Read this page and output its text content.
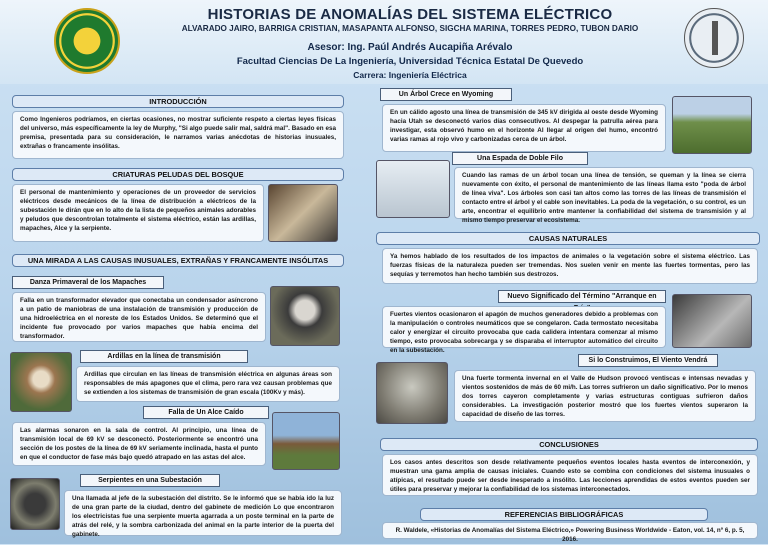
HISTORIAS DE ANOMALÍAS DEL SISTEMA ELÉCTRICO
ALVARADO JAIRO, BARRIGA CRISTIAN, MASAPANTA ALFONSO, SIGCHA MARINA, TORRES PEDRO, TUBON DARIO
Asesor: Ing. Paúl Andrés Aucapiña Arévalo
Facultad Ciencias De La Ingeniería, Universidad Técnica Estatal De Quevedo
Carrera: Ingeniería Eléctrica
INTRODUCCIÓN
Como Ingenieros podríamos, en ciertas ocasiones, no mostrar suficiente respeto a ciertas leyes físicas del universo, más específicamente la ley de Murphy, "Si algo puede salir mal, saldrá mal". Basado en esa premisa, presentada para su consideración, le narramos varias anécdotas de historias inusuales, extrañas o francamente insólitas.
CRIATURAS PELUDAS DEL BOSQUE
El personal de mantenimiento y operaciones de un proveedor de servicios eléctricos desde mecánicos de la línea de distribución a eléctricos de la subestación le dirán que en lo alto de la lista de pequeños animales adorables y peludos que descontrolan totalmente el sistema eléctrico, están las ardillas, mapaches, Alce y la serpiente.
UNA MIRADA A LAS CAUSAS INUSUALES, EXTRAÑAS Y FRANCAMENTE INSÓLITAS
Danza Primaveral de los Mapaches
Falla en un transformador elevador que conectaba un condensador asíncrono a un patio de maniobras de una instalación de transmisión y producción de una hidroeléctrica en el noreste de los Estados Unidos. Se determinó que el incidente fue provocado por varios mapaches que había encima del transformador.
Ardillas en la línea de transmisión
Ardillas que circulan en las líneas de transmisión eléctrica en algunas áreas son responsables de más apagones que el clima, pero rara vez causan problemas que se extienden a los sistemas de transmisión de gran escala (100Kv y más).
Falla de Un Alce Caído
Las alarmas sonaron en la sala de control. Al principio, una línea de transmisión local de 69 kV se desconectó. Posteriormente se encontró una sección de los postes de la línea de 69 kV seriamente inclinada, hasta el punto en que el conductor de fase más bajo quedó atrapado en las astas del alce.
Serpientes en una Subestación
Una llamada al jefe de la subestación del distrito. Se le informó que se había ido la luz de una gran parte de la ciudad, dentro del gabinete de medición Lo que encontraron los electricistas fue una serpiente muerta agarrada a un poste terminal en la parte de atrás del relé, y la sombra carbonizada del animal en la parte interior de la puerta del gabinete.
Un Árbol Crece en Wyoming
En un cálido agosto una línea de transmisión de 345 kV dirigida al oeste desde Wyoming hacia Utah se desconectó varios días consecutivos. Al despegar la patrulla aérea para investigar, esta observó humo en el horizonte Al llegar al origen del humo, encontró varias ramas al rojo vivo y carbonizadas cerca de un árbol.
Una Espada de Doble Filo
Cuando las ramas de un árbol tocan una línea de tensión, se queman y la línea se cierra nuevamente con éxito, el personal de mantenimiento de las líneas llama esto "poda de árbol de línea viva". Los árboles son casi tan altos como las torres de las líneas de transmisión el contacto entre el árbol y el cable son inevitables. La poda de la vegetación, o su control, es un arte, encontrar el equilibrio entre mantener la confiabilidad del sistema de transmisión y al mismo tiempo preservar el ecosistema.
CAUSAS NATURALES
Ya hemos hablado de los resultados de los impactos de animales o la vegetación sobre el sistema eléctrico. Las fuerzas físicas de la naturaleza pueden ser tremendas. Nos suelen venir en mente las fuertes tormentas, pero las sequías y terremotos han hecho también sus destrozos.
Nuevo Significado del Término "Arranque en
Fuertes vientos ocasionaron el apagón de muchos generadores debido a problemas con la manipulación o controles neumáticos que se congelaron. Cada termostato necesitaba calor y energizar el circuito provocaba que cada calidera intentara comenzar al mismo tiempo, esto provocaba sobrecarga y se disparaba el interruptor automático del circuito en la subestación.
Si lo Construimos, El Viento Vendrá
Una fuerte tormenta invernal en el Valle de Hudson provocó ventiscas e intensas nevadas y vientos sostenidos de más de 60 mi/h. Las torres sufrieron un daño significativo. Por lo menos dos torres cayeron completamente y varias estructuras contiguas sufrieron daños considerables. La investigación posterior mostró que los fuertes vientos superaron la capacidad de diseño de las torres.
CONCLUSIONES
Los casos antes descritos son desde relativamente pequeños eventos locales hasta eventos de interconexión, y muestran una gama amplia de causas iniciales. Cuando esto se combina con condiciones del sistema inusuales o atípicas, el resultado puede ser desde inesperado a insólito. Las lecciones aprendidas de estos eventos pueden ser útiles para preservar y mejorar la confiabilidad de los sistemas interconectados.
REFERENCIAS BIBLIOGRÁFICAS
R. Waldele, «Historias de Anomalías del Sistema Eléctrico,» Powering Business Worldwide - Eaton, vol. 14, nº 6, p. 5, 2016.
